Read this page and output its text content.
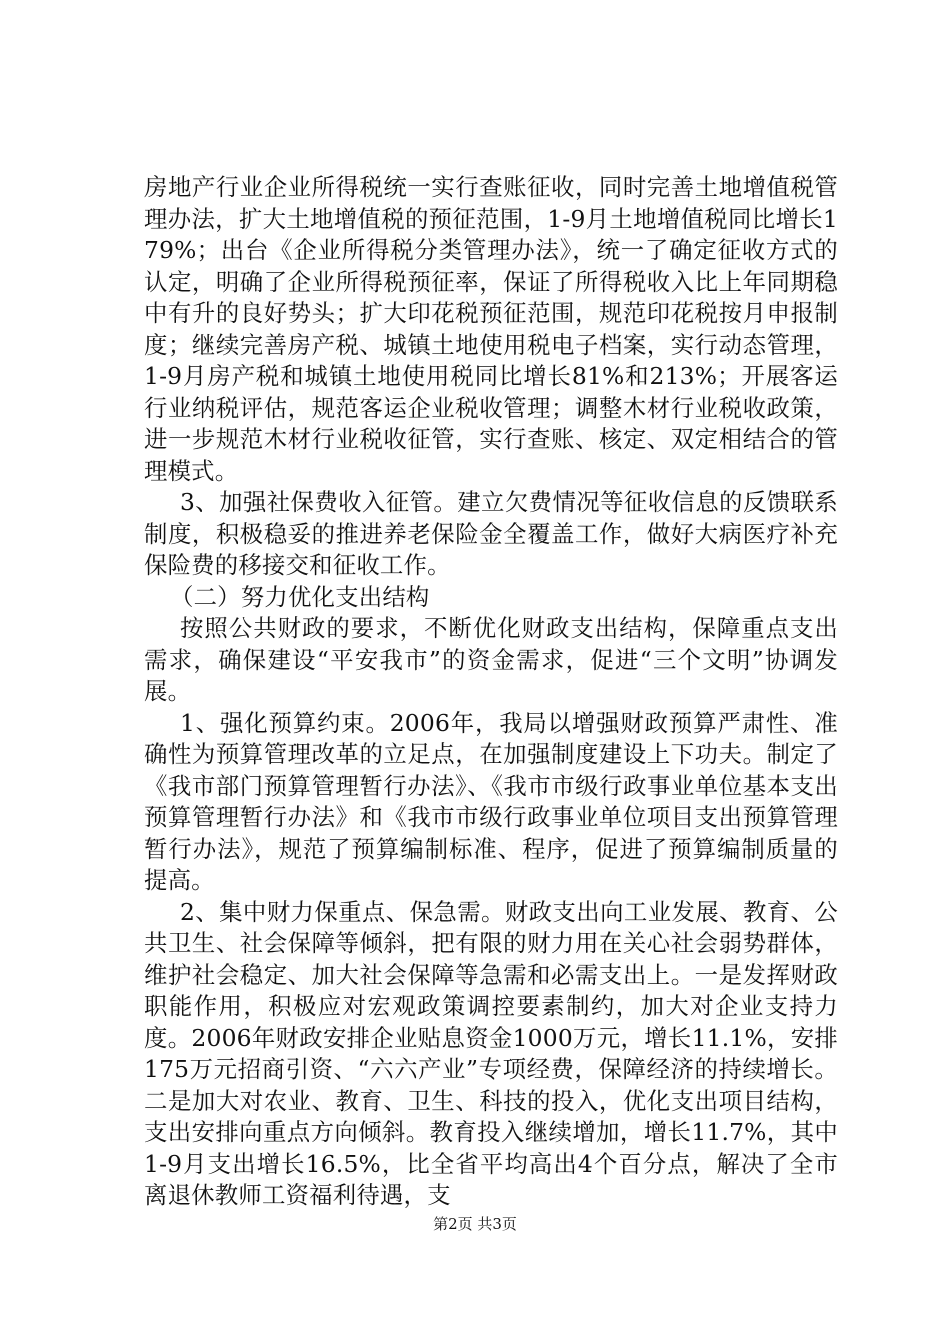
房地产行业企业所得税统一实行查账征收，同时完善土地增值税管理办法，扩大土地增值税的预征范围，1-9月土地增值税同比增长179%；出台《企业所得税分类管理办法》，统一了确定征收方式的认定，明确了企业所得税预征率，保证了所得税收入比上年同期稳中有升的良好势头；扩大印花税预征范围，规范印花税按月申报制度；继续完善房产税、城镇土地使用税电子档案，实行动态管理，1-9月房产税和城镇土地使用税同比增长81%和213%；开展客运行业纳税评估，规范客运企业税收管理；调整木材行业税收政策，进一步规范木材行业税收征管，实行查账、核定、双定相结合的管理模式。

3、加强社保费收入征管。建立欠费情况等征收信息的反馈联系制度，积极稳妥的推进养老保险金全覆盖工作，做好大病医疗补充保险费的移接交和征收工作。

（二）努力优化支出结构

按照公共财政的要求，不断优化财政支出结构，保障重点支出需求，确保建设“平安我市”的资金需求，促进“三个文明”协调发展。

1、强化预算约束。2006年，我局以增强财政预算严肃性、准确性为预算管理改革的立足点，在加强制度建设上下功夫。制定了《我市部门预算管理暂行办法》、《我市市级行政事业单位基本支出预算管理暂行办法》和《我市市级行政事业单位项目支出预算管理暂行办法》，规范了预算编制标准、程序，促进了预算编制质量的提高。

2、集中财力保重点、保急需。财政支出向工业发展、教育、公共卫生、社会保障等倾斜，把有限的财力用在关心社会弱势群体，维护社会稳定、加大社会保障等急需和必需支出上。一是发挥财政职能作用，积极应对宏观政策调控要素制约，加大对企业支持力度。2006年财政安排企业贴息资金1000万元，增长11.1%，安排175万元招商引资、“六六产业”专项经费，保障经济的持续增长。二是加大对农业、教育、卫生、科技的投入，优化支出项目结构，支出安排向重点方向倾斜。教育投入继续增加，增长11.7%，其中1-9月支出增长16.5%，比全省平均高出4个百分点，解决了全市离退休教师工资福利待遇，支

第2页 共3页
